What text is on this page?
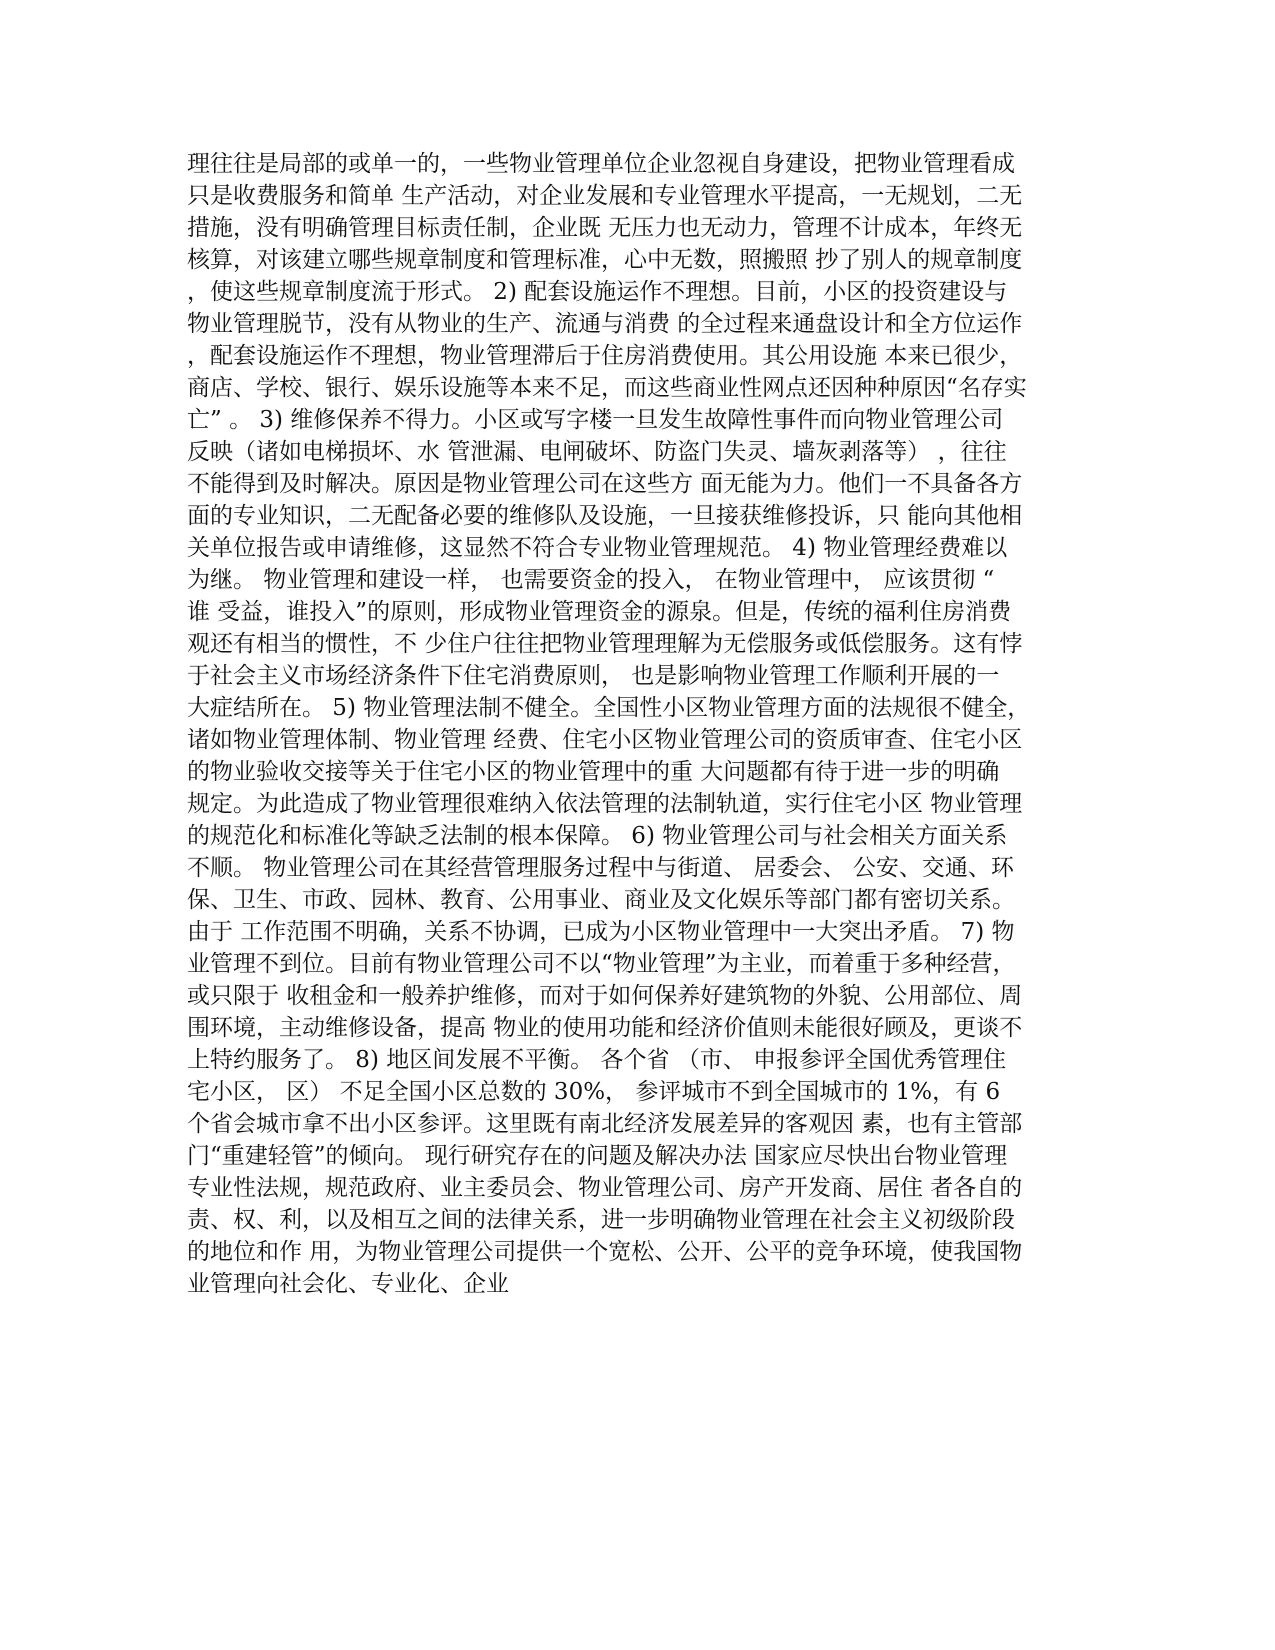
理往往是局部的或单一的，一些物业管理单位企业忽视自身建设，把物业管理看成
只是收费服务和简单 生产活动，对企业发展和专业管理水平提高，一无规划，二无
措施，没有明确管理目标责任制，企业既 无压力也无动力，管理不计成本，年终无
核算，对该建立哪些规章制度和管理标准，心中无数，照搬照 抄了别人的规章制度
，使这些规章制度流于形式。 2) 配套设施运作不理想。目前，小区的投资建设与
物业管理脱节，没有从物业的生产、流通与消费 的全过程来通盘设计和全方位运作
，配套设施运作不理想，物业管理滞后于住房消费使用。其公用设施 本来已很少，
商店、学校、银行、娱乐设施等本来不足，而这些商业性网点还因种种原因“名存实
亡” 。 3) 维修保养不得力。小区或写字楼一旦发生故障性事件而向物业管理公司
反映（诸如电梯损坏、水 管泄漏、电闸破坏、防盗门失灵、墙灰剥落等） ，往往
不能得到及时解决。原因是物业管理公司在这些方 面无能为力。他们一不具备各方
面的专业知识，二无配备必要的维修队及设施，一旦接获维修投诉，只 能向其他相
关单位报告或申请维修，这显然不符合专业物业管理规范。 4) 物业管理经费难以
为继。 物业管理和建设一样， 也需要资金的投入， 在物业管理中， 应该贯彻 “
谁 受益，谁投入”的原则，形成物业管理资金的源泉。但是，传统的福利住房消费
观还有相当的惯性，不 少住户往往把物业管理理解为无偿服务或低偿服务。这有悖
于社会主义市场经济条件下住宅消费原则， 也是影响物业管理工作顺利开展的一
大症结所在。 5) 物业管理法制不健全。全国性小区物业管理方面的法规很不健全，
诸如物业管理体制、物业管理 经费、住宅小区物业管理公司的资质审查、住宅小区
的物业验收交接等关于住宅小区的物业管理中的重 大问题都有待于进一步的明确
规定。为此造成了物业管理很难纳入依法管理的法制轨道，实行住宅小区 物业管理
的规范化和标准化等缺乏法制的根本保障。 6) 物业管理公司与社会相关方面关系
不顺。 物业管理公司在其经营管理服务过程中与街道、 居委会、 公安、交通、环
保、卫生、市政、园林、教育、公用事业、商业及文化娱乐等部门都有密切关系。
由于 工作范围不明确，关系不协调，已成为小区物业管理中一大突出矛盾。 7) 物
业管理不到位。目前有物业管理公司不以“物业管理”为主业，而着重于多种经营，
或只限于 收租金和一般养护维修，而对于如何保养好建筑物的外貌、公用部位、周
围环境，主动维修设备，提高 物业的使用功能和经济价值则未能很好顾及，更谈不
上特约服务了。 8) 地区间发展不平衡。 各个省 （市、 申报参评全国优秀管理住
宅小区， 区） 不足全国小区总数的 30%， 参评城市不到全国城市的 1%，有 6
个省会城市拿不出小区参评。这里既有南北经济发展差异的客观因 素，也有主管部
门“重建轻管”的倾向。 现行研究存在的问题及解决办法 国家应尽快出台物业管理
专业性法规，规范政府、业主委员会、物业管理公司、房产开发商、居住 者各自的
责、权、利，以及相互之间的法律关系，进一步明确物业管理在社会主义初级阶段
的地位和作 用，为物业管理公司提供一个宽松、公开、公平的竞争环境，使我国物
业管理向社会化、专业化、企业
